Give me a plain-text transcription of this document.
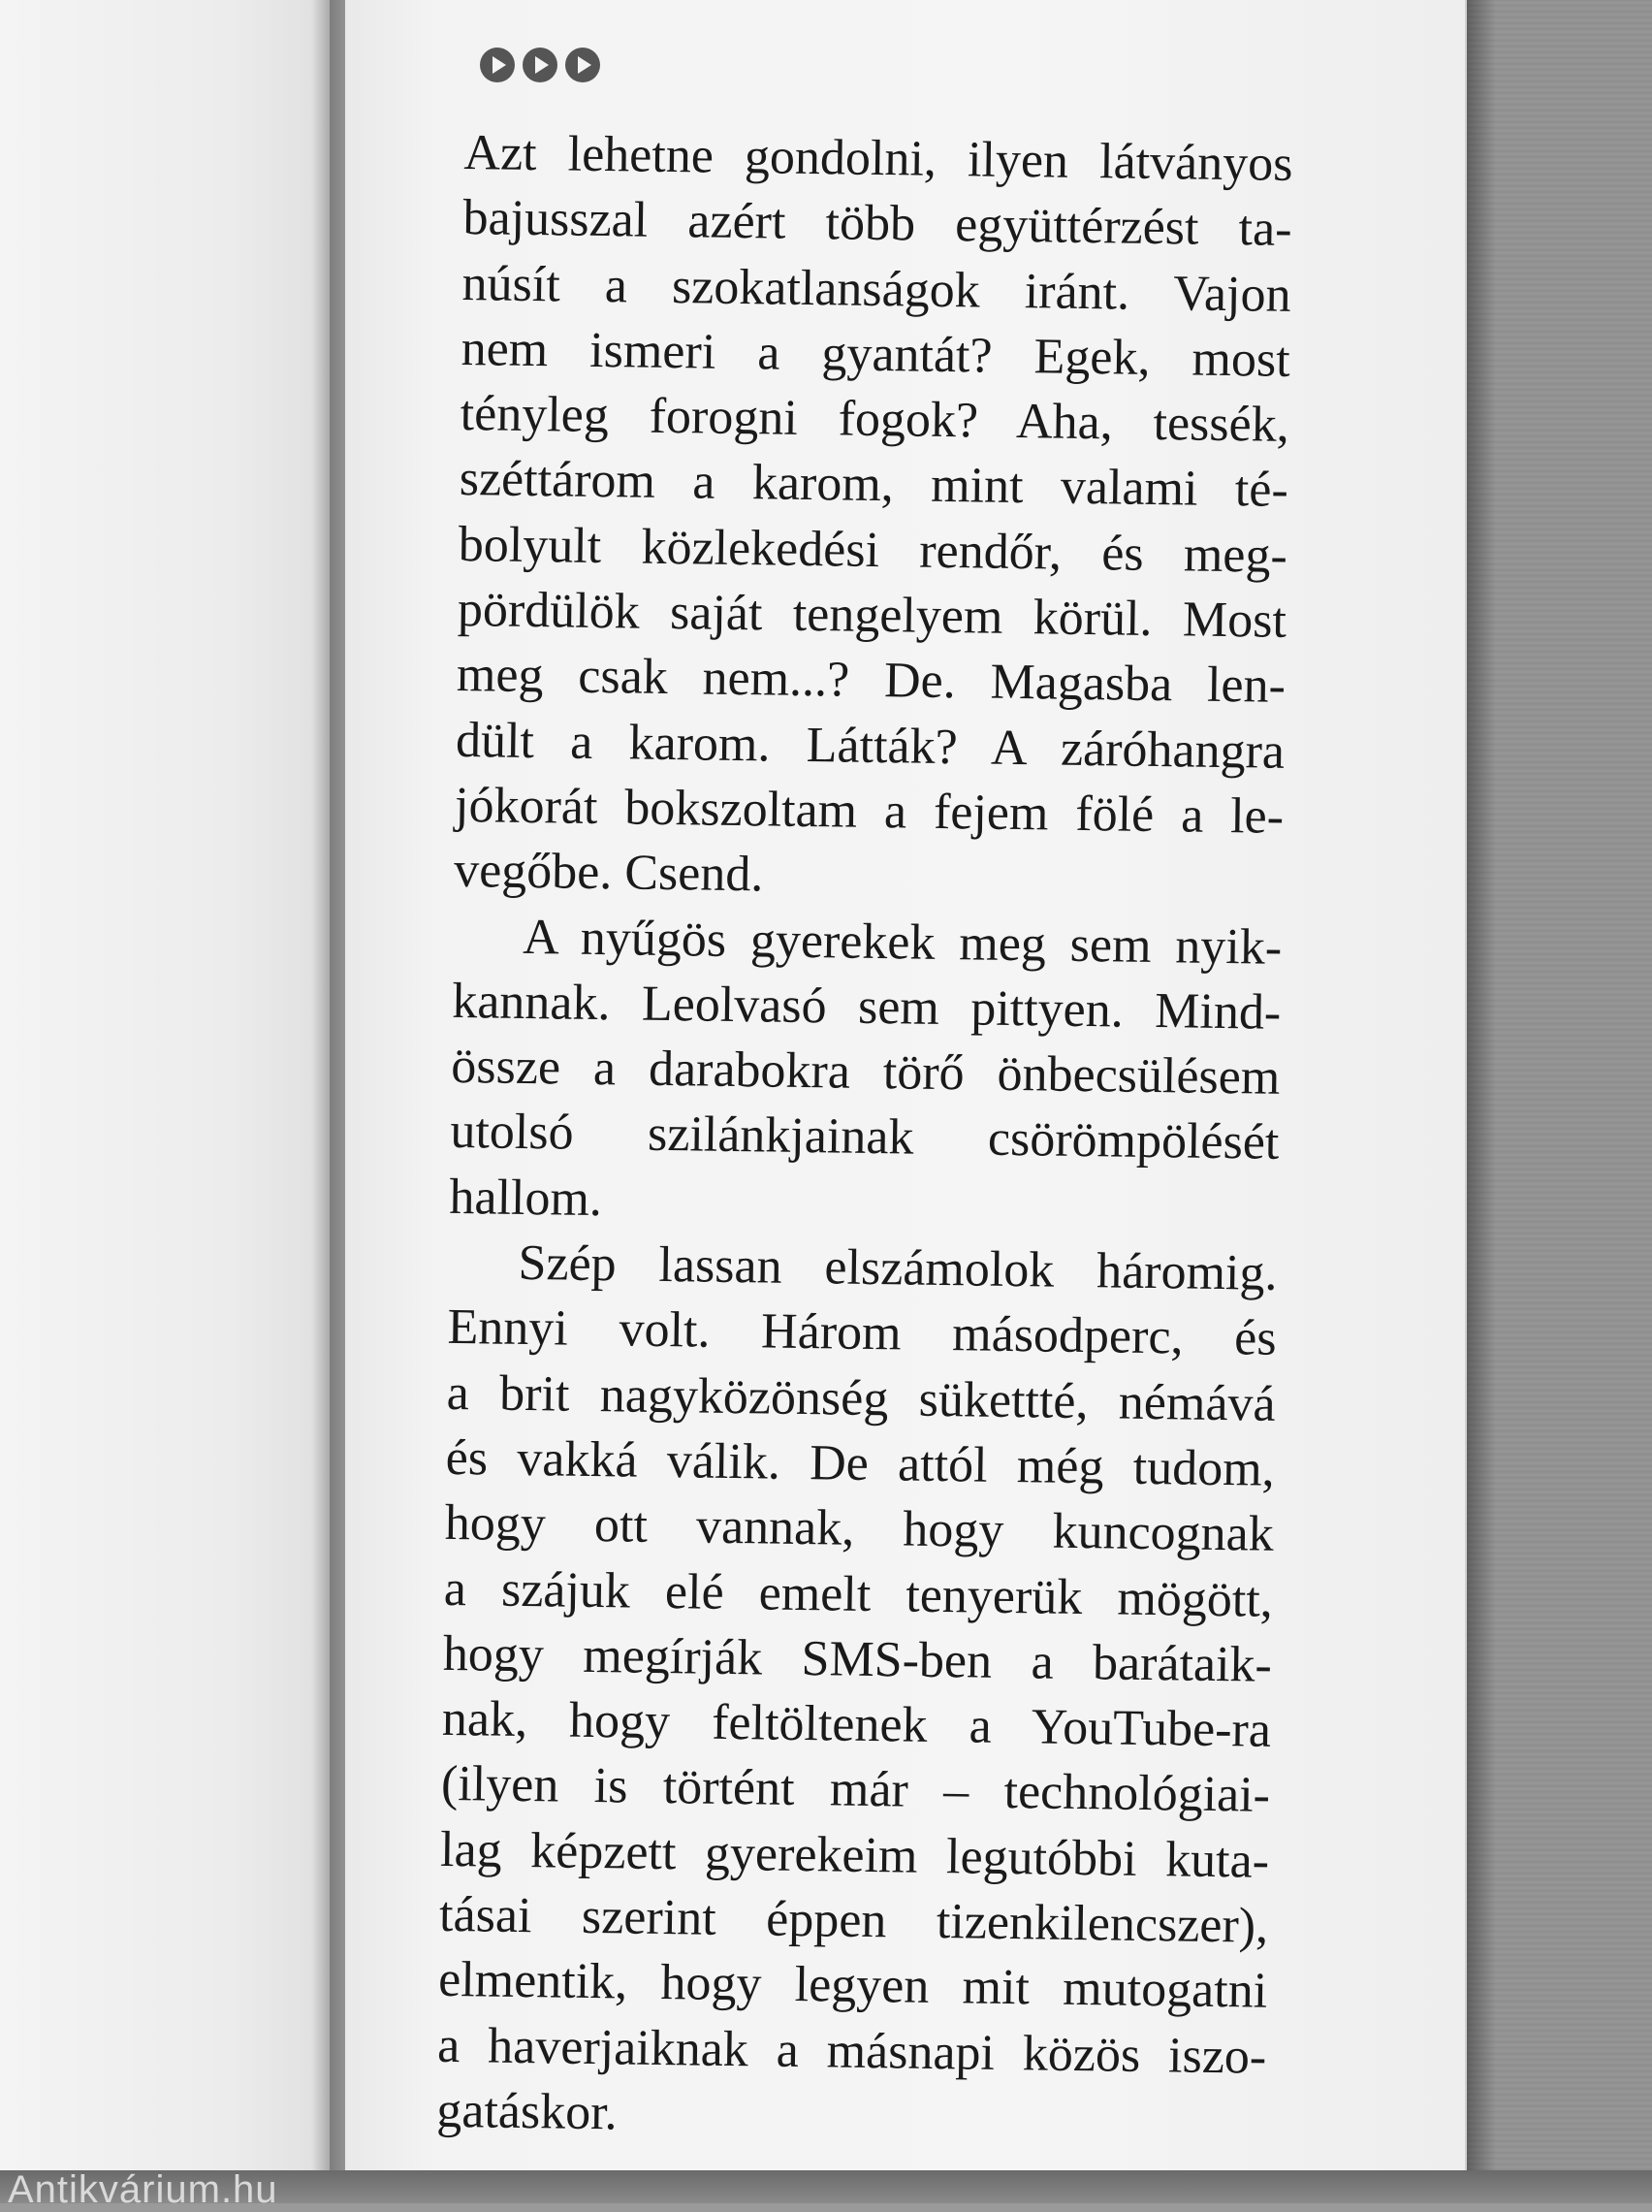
Azt lehetne gondolni, ilyen látványos
bajusszal azért több együttérzést ta-
núsít a szokatlanságok iránt. Vajon
nem ismeri a gyantát? Egek, most
tényleg forogni fogok? Aha, tessék,
széttárom a karom, mint valami té-
bolyult közlekedési rendőr, és meg-
pördülök saját tengelyem körül. Most
meg csak nem...? De. Magasba len-
dült a karom. Látták? A záróhangra
jókorát bokszoltam a fejem fölé a le-
vegőbe. Csend.
A nyűgös gyerekek meg sem nyik-
kannak. Leolvasó sem pittyen. Mind-
össze a darabokra törő önbecsülésem
utolsó szilánkjainak csörömpölését
hallom.
Szép lassan elszámolok háromig.
Ennyi volt. Három másodperc, és
a brit nagyközönség sükettté, némává
és vakká válik. De attól még tudom,
hogy ott vannak, hogy kuncognak
a szájuk elé emelt tenyerük mögött,
hogy megírják SMS-ben a barátaik-
nak, hogy feltöltenek a YouTube-ra
(ilyen is történt már – technológiai-
lag képzett gyerekeim legutóbbi kuta-
tásai szerint éppen tizenkilencszer),
elmentik, hogy legyen mit mutogatni
a haverjaiknak a másnapi közös iszo-
gatáskor.
Antikvárium.hu
